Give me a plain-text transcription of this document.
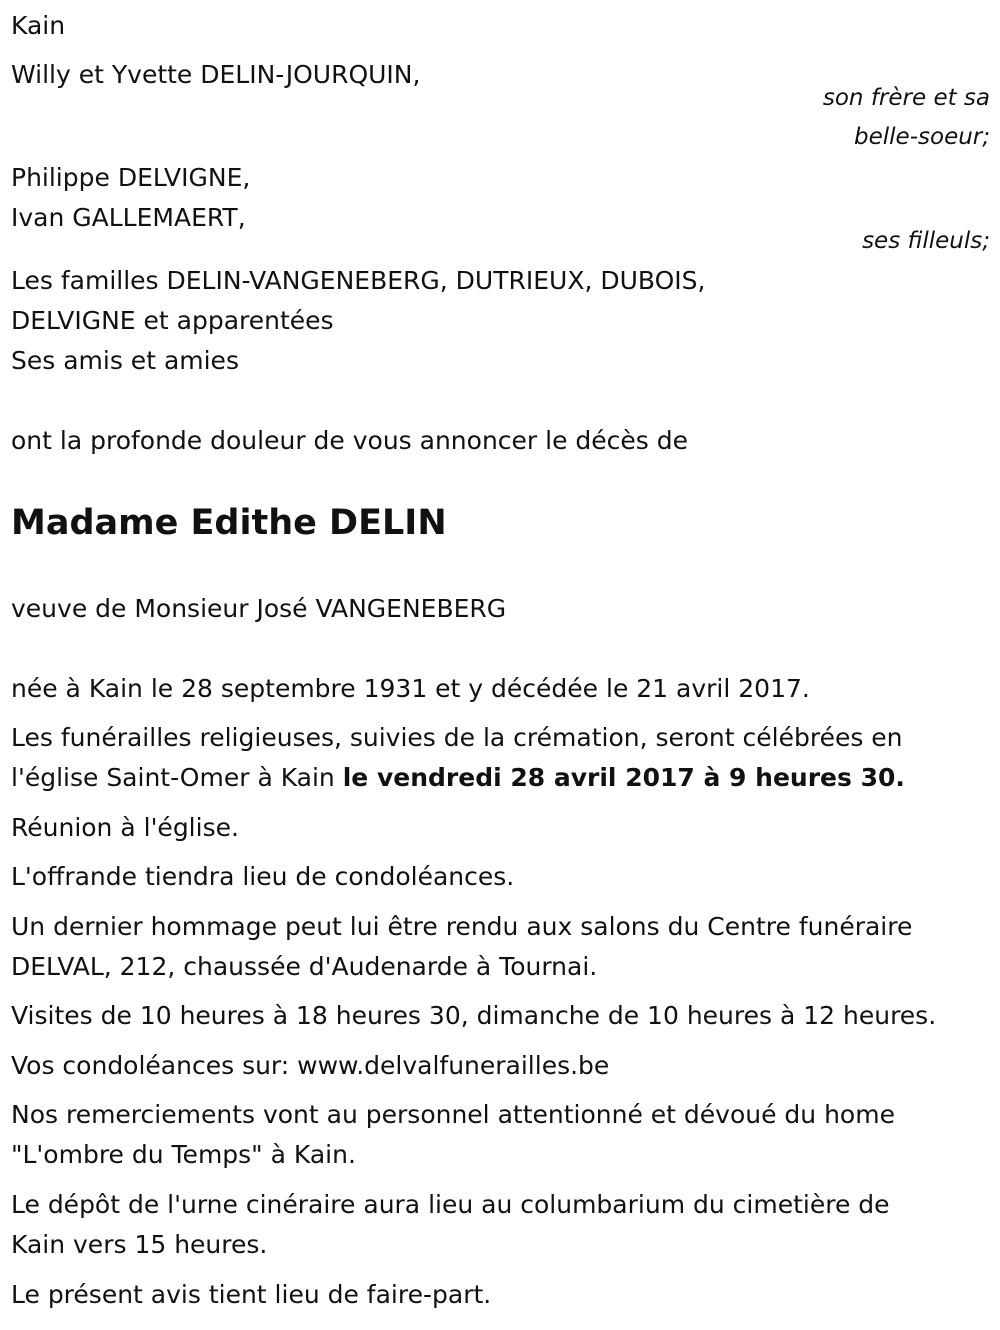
Kain

Willy et Yvette DELIN-JOURQUIN,

son frère et sa

belle-soeur;

Philippe DELVIGNE,

Ivan GALLEMAERT,

ses filleuls;

Les familles DELIN-VANGENEBERG, DUTRIEUX, DUBOIS,

DELVIGNE et apparentées

Ses amis et amies

ont la profonde douleur de vous annoncer le décès de

Madame Edithe DELIN

veuve de Monsieur José VANGENEBERG

née à Kain le 28 septembre 1931 et y décédée le 21 avril 2017.

Les funérailles religieuses, suivies de la crémation, seront célébrées en

l'église Saint-Omer à Kain le vendredi 28 avril 2017 à 9 heures 30.

Réunion à l'église.

L'offrande tiendra lieu de condoléances.

Un dernier hommage peut lui être rendu aux salons du Centre funéraire

DELVAL, 212, chaussée d'Audenarde à Tournai.

Visites de 10 heures à 18 heures 30, dimanche de 10 heures à 12 heures.

Vos condoléances sur: www.delvalfunerailles.be

Nos remerciements vont au personnel attentionné et dévoué du home

"L'ombre du Temps" à Kain.

Le dépôt de l'urne cinéraire aura lieu au columbarium du cimetière de

Kain vers 15 heures.

Le présent avis tient lieu de faire-part.
